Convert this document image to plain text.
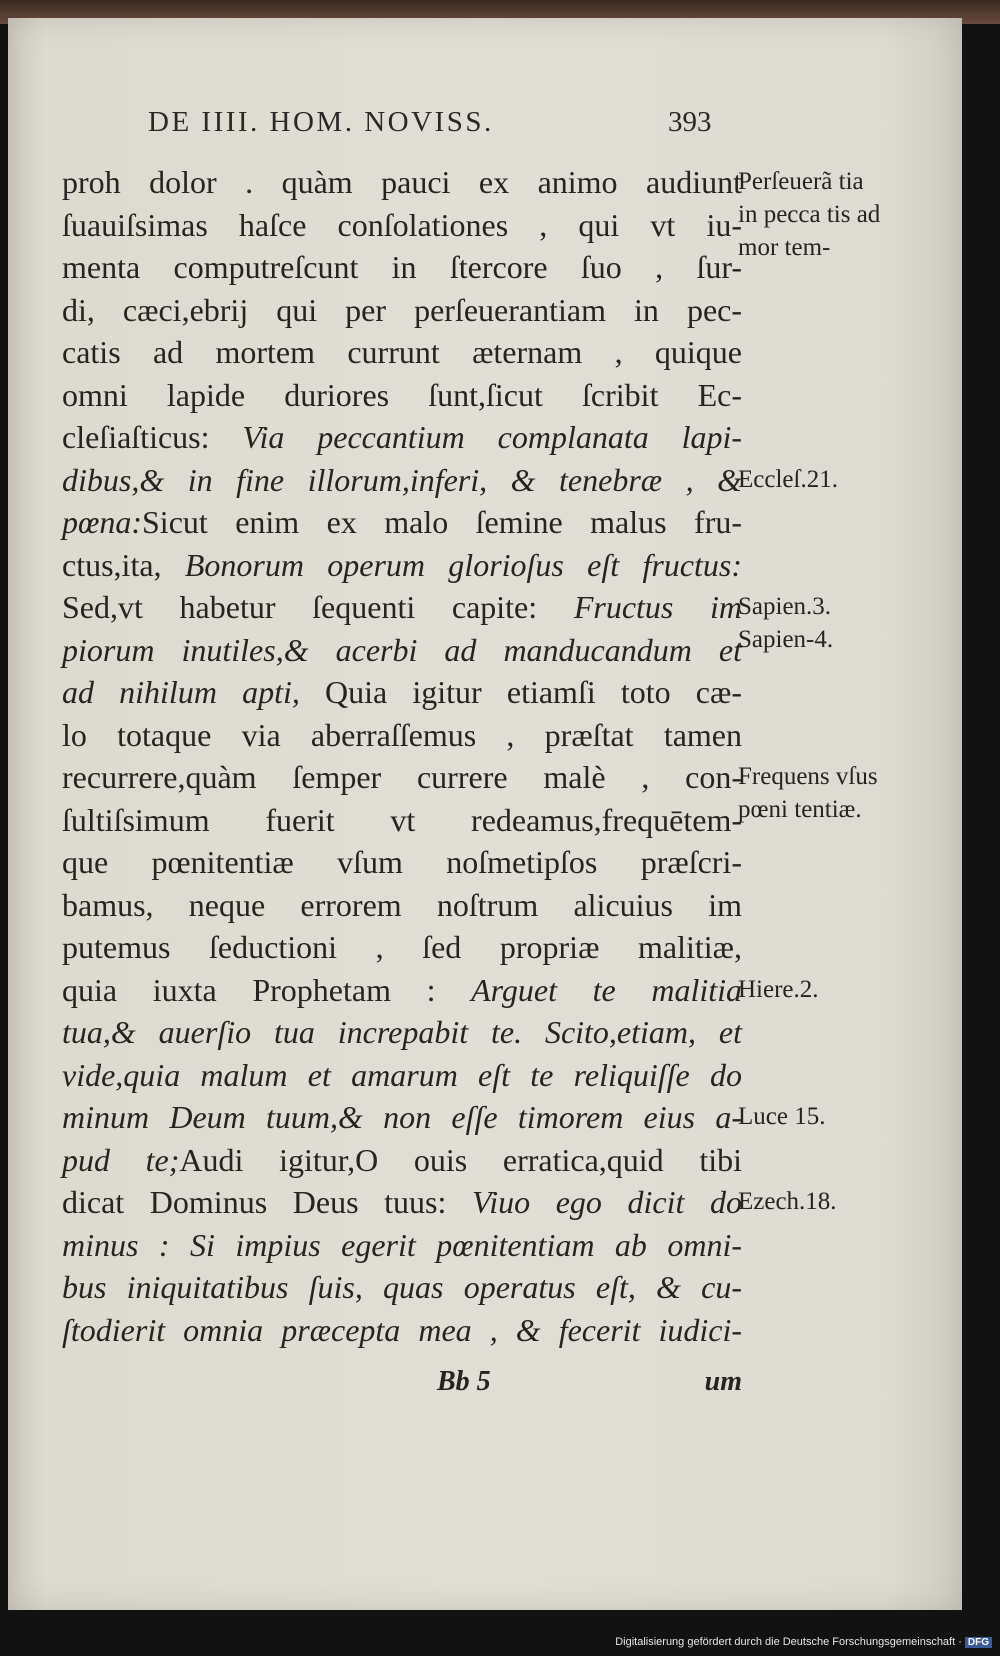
DE IIII. HOM. NOVISS.	393
proh dolor . quàm pauci ex animo audiunt
ſuauiſsimas haſce conſolationes , qui vt iu-
menta computreſcunt in ſtercore ſuo , ſur-
di, cæci,ebrij qui per perſeuerantiam in pec-
catis ad mortem currunt æternam , quique
omni lapide duriores ſunt,ſicut ſcribit Ec-
cleſiaſticus: Via peccantium complanata lapi-
dibus,& in fine illorum,inferi, & tenebræ , &
pœna:Sicut enim ex malo ſemine malus fru-
ctus,ita, Bonorum operum glorioſus eſt fructus:
Sed,vt habetur ſequenti capite: Fructus im
piorum inutiles,& acerbi ad manducandum et
ad nihilum apti, Quia igitur etiamſi toto cæ-
lo totaque via aberraſſemus , præſtat tamen
recurrere,quàm ſemper currere malè , con-
ſultiſsimum fuerit vt redeamus,frequētem-
que pœnitentiæ vſum noſmetipſos præſcri-
bamus, neque errorem noſtrum alicuius im
putemus ſeductioni , ſed propriæ malitiæ,
quia iuxta Prophetam : Arguet te malitia
tua,& auerſio tua increpabit te. Scito,etiam, et
vide,quia malum et amarum eſt te reliquiſſe do
minum Deum tuum,& non eſſe timorem eius a-
pud te;Audi igitur,O ouis erratica,quid tibi
dicat Dominus Deus tuus: Viuo ego dicit do
minus : Si impius egerit pœnitentiam ab omni-
bus iniquitatibus ſuis, quas operatus eſt, & cu-
ſtodierit omnia præcepta mea , & fecerit iudici-
Bb 5	um
Perſeuerã tia in pecca tis ad mor tem-
Eccleſ.21.
Sapien.3. Sapien-4.
Frequens vſus pœni tentiæ.
Hiere.2.
Luce 15.
Ezech.18.
Digitalisierung gefördert durch die Deutsche Forschungsgemeinschaft · DFG
